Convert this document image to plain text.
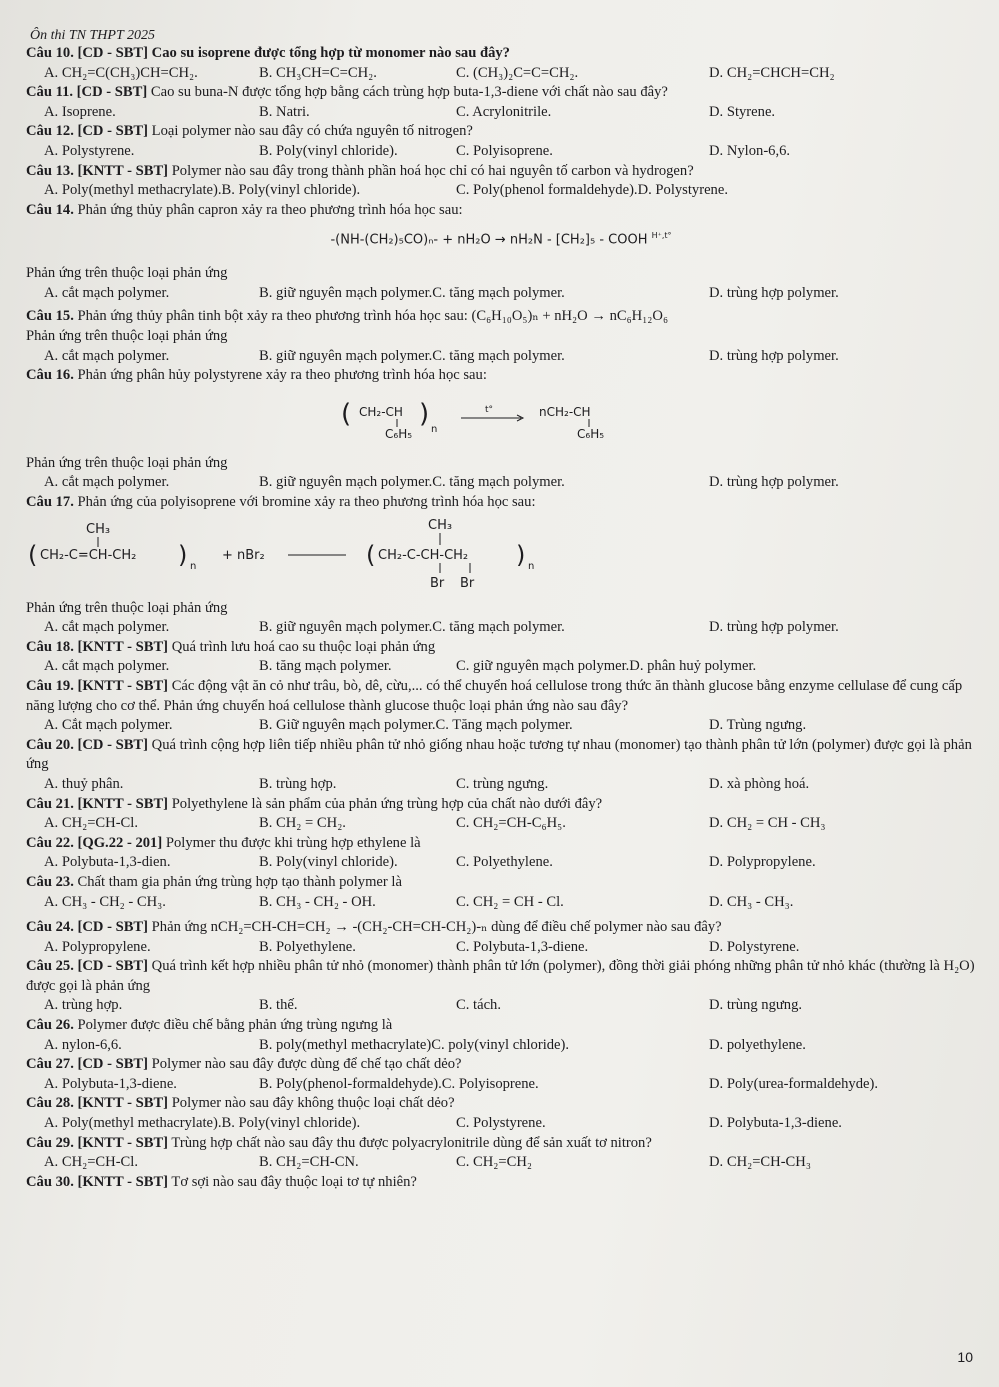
Ôn thi TN THPT 2025
Câu 10. [CD - SBT] Cao su isoprene được tổng hợp từ monomer nào sau đây?
A. CH₂=C(CH₃)CH=CH₂.	B. CH₃CH=C=CH₂.	C. (CH₃)₂C=C=CH₂.	D. CH₂=CHCH=CH₂
Câu 11. [CD - SBT] Cao su buna-N được tổng hợp bằng cách trùng hợp buta-1,3-diene với chất nào sau đây?
A. Isoprene.	B. Natri.	C. Acrylonitrile.	D. Styrene.
Câu 12. [CD - SBT] Loại polymer nào sau đây có chứa nguyên tố nitrogen?
A. Polystyrene.	B. Poly(vinyl chloride).	C. Polyisoprene.	D. Nylon-6,6.
Câu 13. [KNTT - SBT] Polymer nào sau đây trong thành phần hoá học chỉ có hai nguyên tố carbon và hydrogen?
A. Poly(methyl methacrylate).B. Poly(vinyl chloride).	C. Poly(phenol formaldehyde).D. Polystyrene.
Câu 14. Phản ứng thủy phân capron xảy ra theo phương trình hóa học sau:
-(NH-(CH₂)₅CO)ₙ- + nH₂O → nH₂N - [CH₂]₅ - COOH $^{H^+,t^\circ}$
Phản ứng trên thuộc loại phản ứng
A. cắt mạch polymer.	B. giữ nguyên mạch polymer.C. tăng mạch polymer.	D. trùng hợp polymer.
Câu 15. Phản ứng thủy phân tinh bột xảy ra theo phương trình hóa học sau: (C₆H₁₀O₅)ₙ + nH₂O → nC₆H₁₂O₆
Phản ứng trên thuộc loại phản ứng
A. cắt mạch polymer.	B. giữ nguyên mạch polymer.C. tăng mạch polymer.	D. trùng hợp polymer.
Câu 16. Phản ứng phân hủy polystyrene xảy ra theo phương trình hóa học sau:
( CH₂-CH
C₆H₅
)
n
t°	nCH₂-CH
C₆H₅
Phản ứng trên thuộc loại phản ứng
A. cắt mạch polymer.	B. giữ nguyên mạch polymer.C. tăng mạch polymer.	D. trùng hợp polymer.
Câu 17. Phản ứng của polyisoprene với bromine xảy ra theo phương trình hóa học sau:
CH₃
( CH₂-C=CH-CH₂ ) n
+ nBr₂
CH₃
( CH₂-C-CH-CH₂ ) n
Br Br
Phản ứng trên thuộc loại phản ứng
A. cắt mạch polymer.	B. giữ nguyên mạch polymer.C. tăng mạch polymer.	D. trùng hợp polymer.
Câu 18. [KNTT - SBT] Quá trình lưu hoá cao su thuộc loại phản ứng
A. cắt mạch polymer.	B. tăng mạch polymer.	C. giữ nguyên mạch polymer.D. phân huỷ polymer.
Câu 19. [KNTT - SBT] Các động vật ăn cỏ như trâu, bò, dê, cừu,... có thể chuyển hoá cellulose trong thức ăn thành glucose bằng enzyme cellulase để cung cấp năng lượng cho cơ thể. Phản ứng chuyển hoá cellulose thành glucose thuộc loại phản ứng nào sau đây?
A. Cắt mạch polymer.	B. Giữ nguyên mạch polymer.C. Tăng mạch polymer.	D. Trùng ngưng.
Câu 20. [CD - SBT] Quá trình cộng hợp liên tiếp nhiều phân tử nhỏ giống nhau hoặc tương tự nhau (monomer) tạo thành phân tử lớn (polymer) được gọi là phản ứng
A. thuỷ phân.	B. trùng hợp.	C. trùng ngưng.	D. xà phòng hoá.
Câu 21. [KNTT - SBT] Polyethylene là sản phẩm của phản ứng trùng hợp của chất nào dưới đây?
A. CH₂=CH-Cl.	B. CH₂ = CH₂.	C. CH₂=CH-C₆H₅.	D. CH₂ = CH - CH₃
Câu 22. [QG.22 - 201] Polymer thu được khi trùng hợp ethylene là
A. Polybuta-1,3-dien.	B. Poly(vinyl chloride).	C. Polyethylene.	D. Polypropylene.
Câu 23. Chất tham gia phản ứng trùng hợp tạo thành polymer là
A. CH₃ - CH₂ - CH₃.	B. CH₃ - CH₂ - OH.	C. CH₂ = CH - Cl.	D. CH₃ - CH₃.
Câu 24. [CD - SBT] Phản ứng nCH₂=CH-CH=CH₂ → -(CH₂-CH=CH-CH₂)-ₙ dùng để điều chế polymer nào sau đây?
A. Polypropylene.	B. Polyethylene.	C. Polybuta-1,3-diene.	D. Polystyrene.
Câu 25. [CD - SBT] Quá trình kết hợp nhiều phân tử nhỏ (monomer) thành phân tử lớn (polymer), đồng thời giải phóng những phân tử nhỏ khác (thường là H₂O) được gọi là phản ứng
A. trùng hợp.	B. thế.	C. tách.	D. trùng ngưng.
Câu 26. Polymer được điều chế bằng phản ứng trùng ngưng là
A. nylon-6,6.	B. poly(methyl methacrylate)C. poly(vinyl chloride).	D. polyethylene.
Câu 27. [CD - SBT] Polymer nào sau đây được dùng để chế tạo chất dẻo?
A. Polybuta-1,3-diene.	B. Poly(phenol-formaldehyde).C. Polyisoprene.	D. Poly(urea-formaldehyde).
Câu 28. [KNTT - SBT] Polymer nào sau đây không thuộc loại chất dẻo?
A. Poly(methyl methacrylate).B. Poly(vinyl chloride).	C. Polystyrene.	D. Polybuta-1,3-diene.
Câu 29. [KNTT - SBT] Trùng hợp chất nào sau đây thu được polyacrylonitrile dùng để sản xuất tơ nitron?
A. CH₂=CH-Cl.	B. CH₂=CH-CN.	C. CH₂=CH₂	D. CH₂=CH-CH₃
Câu 30. [KNTT - SBT] Tơ sợi nào sau đây thuộc loại tơ tự nhiên?
10
